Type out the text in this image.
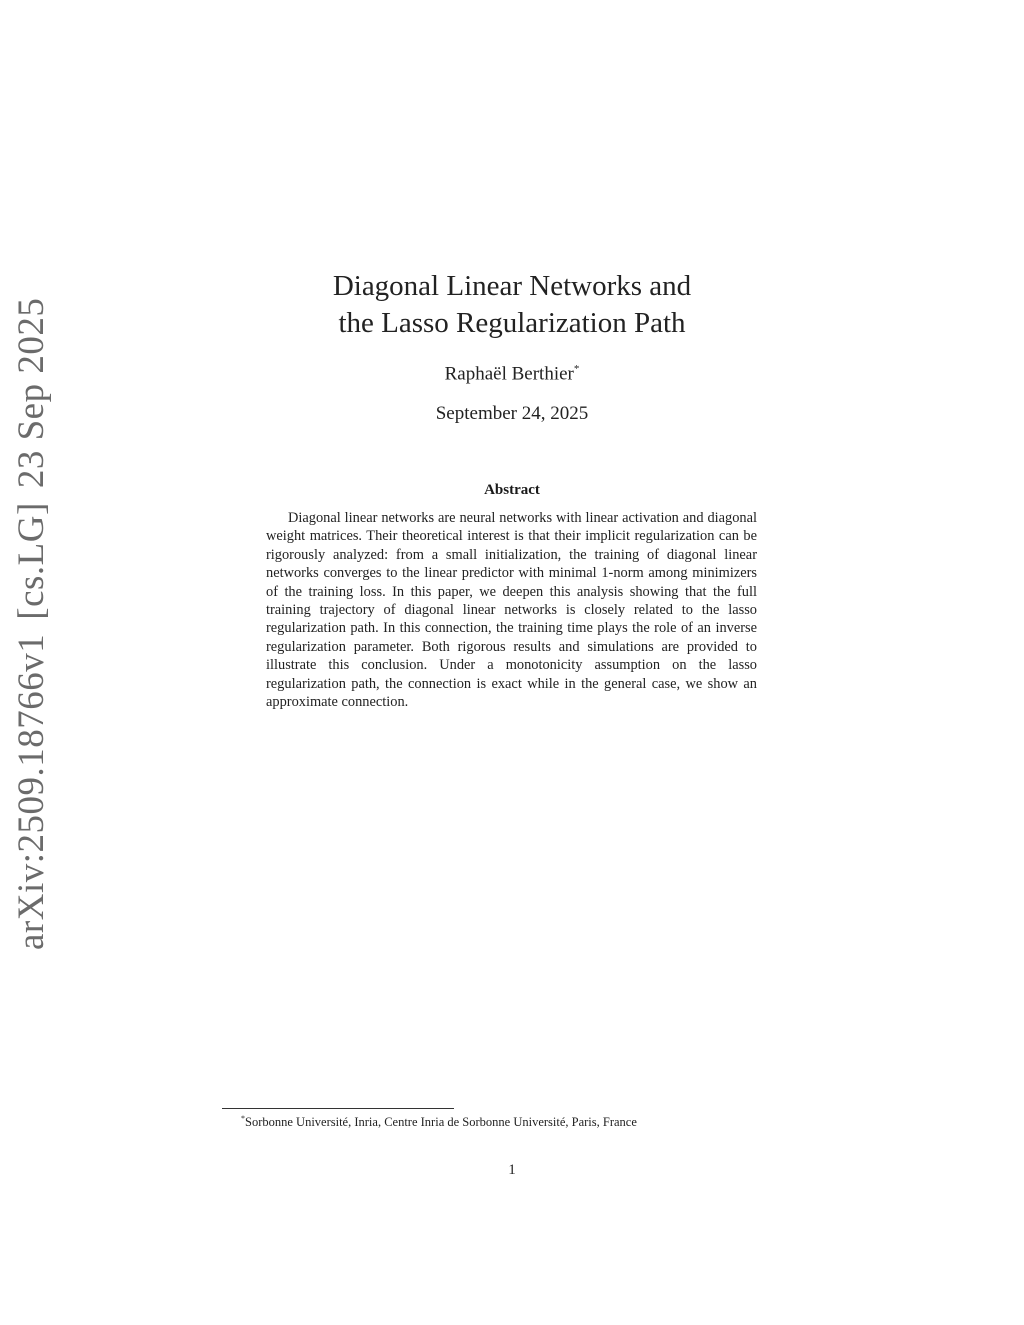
arXiv:2509.18766v1[cs.LG]23 Sep 2025
Diagonal Linear Networks and
the Lasso Regularization Path
Raphaël Berthier*
September 24, 2025
Abstract
Diagonal linear networks are neural networks with linear activation and diagonal weight matrices. Their theoretical interest is that their implicit regularization can be rigorously analyzed: from a small initialization, the training of diagonal linear networks converges to the linear predictor with minimal 1-norm among minimizers of the training loss. In this paper, we deepen this analysis showing that the full training trajectory of diagonal linear networks is closely related to the lasso regularization path. In this connection, the training time plays the role of an inverse regularization parameter. Both rigorous results and simulations are provided to illustrate this conclusion. Under a monotonicity assumption on the lasso regularization path, the connection is exact while in the general case, we show an approximate connection.
*Sorbonne Université, Inria, Centre Inria de Sorbonne Université, Paris, France
1
